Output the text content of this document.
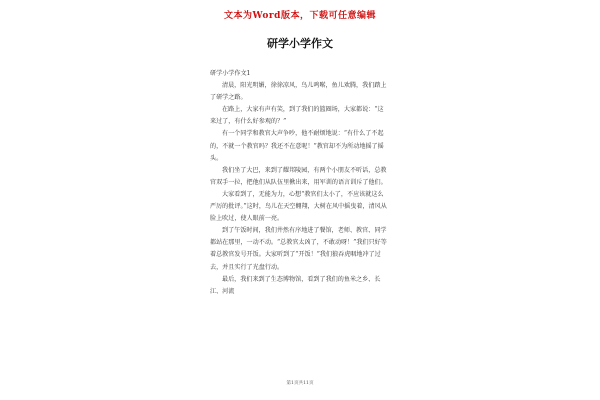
文本为Word版本，下载可任意编辑
研学小学作文

研学小学作文1

清晨，阳光明媚，徐徐凉风，鸟儿鸣啭，鱼儿欢腾，我们踏上了研学之路。

在路上，大家有声有笑，到了我们的篮圈场，大家都说：“这来过了，有什么好参观的？”

有一个同学和教官大声争吵，他不耐烦地说：“有什么了不起的，不就一个教官吗？我还不在意呢！”教官却不为所动地摇了摇头。

我们坐了大巴，来到了耀邦陵园，有两个小朋友不听话，总教官双手一拉，把他们从队伍里揪出来，用军训的语言训斥了他们。

大家看到了，无能为力，心想“教官们太小了，不应该就这么严厉的批评。”这时，鸟儿在天空翱翔，大树在风中摇曳着，清风从脸上吹过，使人眼前一亮。

到了午饭时间，我们井然有序地进了餐馆，老师、教官、同学都站在那里，一动不动。“总教官太凶了，不敢动呀！”我们只好等着总教官发号开饭。大家听到了“开饭！”我们狼吞虎咽地冲了过去，并且实行了光盘行动。

最后，我们来到了生态博物馆，看到了我们的鱼米之乡、长江、河流

第1页共11页
